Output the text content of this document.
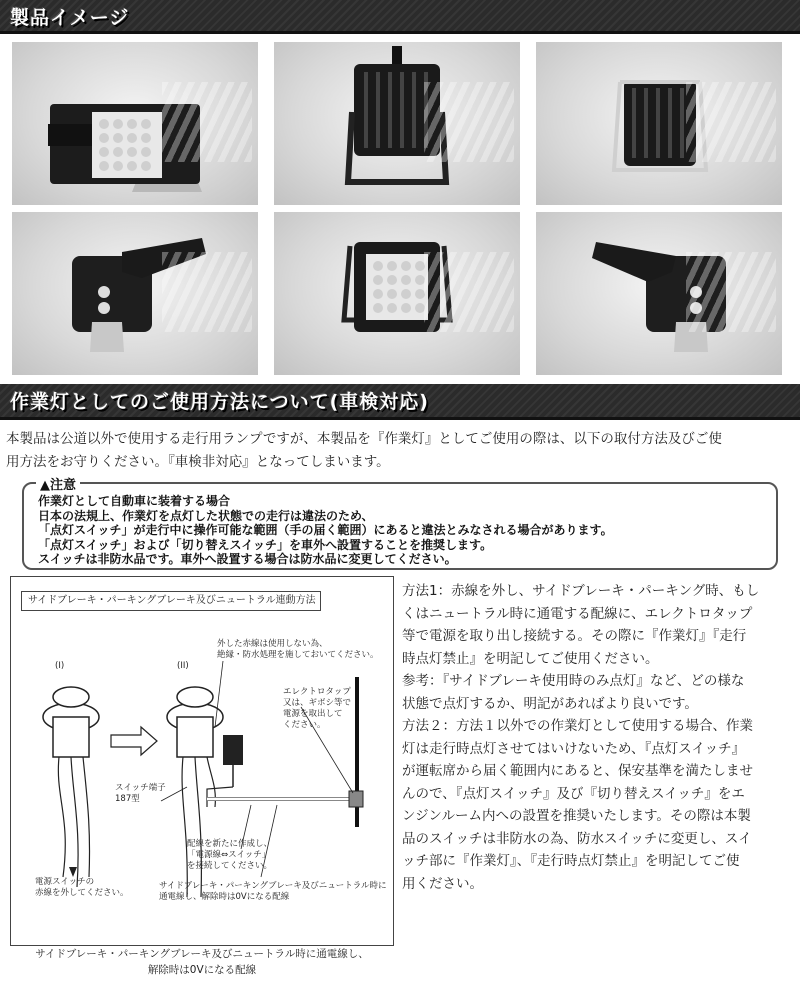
製品イメージ
作業灯としてのご使用方法について(車検対応)
本製品は公道以外で使用する走行用ランプですが、本製品を『作業灯』としてご使用の際は、以下の取付方法及びご使
用方法をお守りください。『車検非対応』となってしまいます。
▲注意
作業灯として自動車に装着する場合
日本の法規上、作業灯を点灯した状態での走行は違法のため、
「点灯スイッチ」が走行中に操作可能な範囲（手の届く範囲）にあると違法とみなされる場合があります。
「点灯スイッチ」および「切り替えスイッチ」を車外へ設置することを推奨します。
スイッチは非防水品です。車外へ設置する場合は防水品に変更してください。
サイドブレーキ・パーキングブレーキ及びニュートラル連動方法
(I)	(II)
外した赤線は使用しない為、
絶縁・防水処理を施しておいてください。
エレクトロタップ
又は、ギボシ等で
電源を取出して
ください。
スイッチ端子
187型
配線を新たに作成し、
「電源線⇔スイッチ」
を接続してください。
電源スイッチの
赤線を外してください。
サイドブレーキ・パーキングブレーキ及びニュートラル時に
通電線し、解除時は0Vになる配線
サイドブレーキ・パーキングブレーキ及びニュートラル時に通電線し、
解除時は0Vになる配線

方法1：赤線を外し、サイドブレーキ・パーキング時、もし

くはニュートラル時に通電する配線に、エレクトロタップ

等で電源を取り出し接続する。その際に『作業灯』『走行

時点灯禁止』を明記してご使用ください。

参考：『サイドブレーキ使用時のみ点灯』など、どの様な

状態で点灯するか、明記があればより良いです。

方法２：方法１以外での作業灯として使用する場合、作業

灯は走行時点灯させてはいけないため、『点灯スイッチ』

が運転席から届く範囲内にあると、保安基準を満たしませ

んので、『点灯スイッチ』及び『切り替えスイッチ』をエ

ンジンルーム内への設置を推奨いたします。その際は本製

品のスイッチは非防水の為、防水スイッチに変更し、スイ

ッチ部に『作業灯』、『走行時点灯禁止』を明記してご使

用ください。
